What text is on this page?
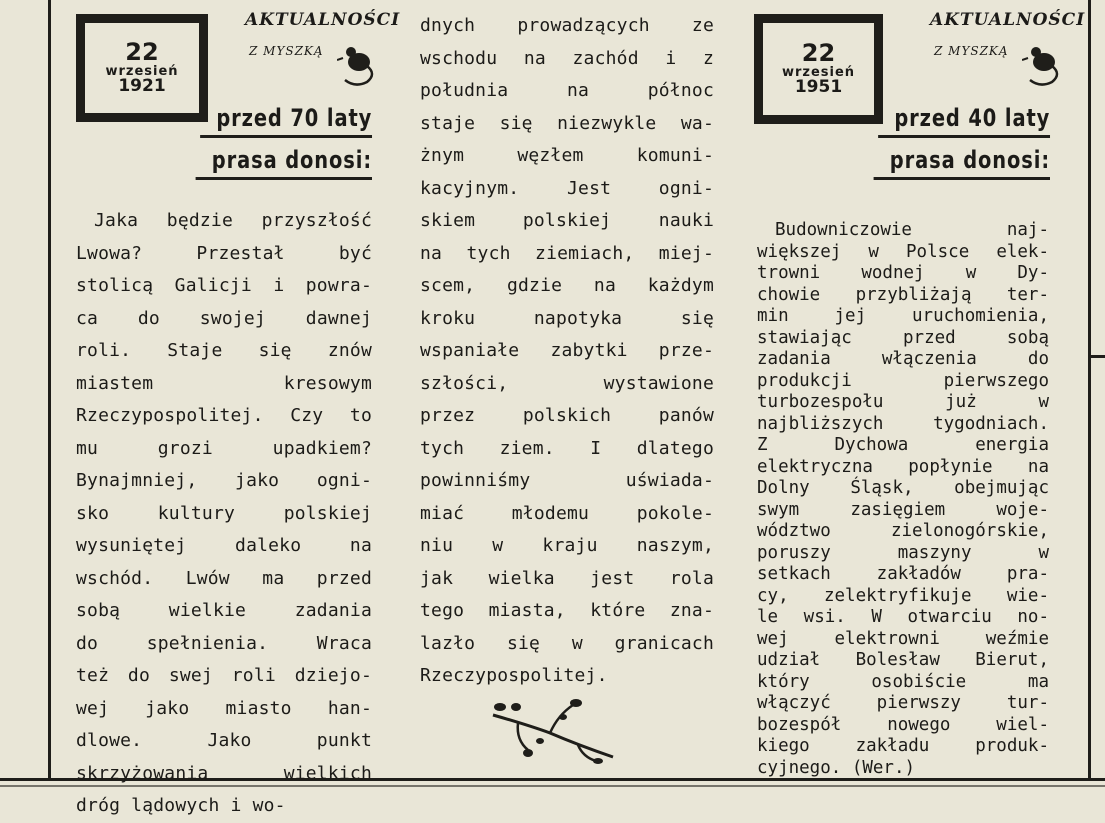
22
wrzesień
1921
AKTUALNOŚCI
Z MYSZKĄ
przed 70 laty
prasa donosi:
22
wrzesień
1951
AKTUALNOŚCI
Z MYSZKĄ
przed 40 laty
prasa donosi:
Jaka będzie przyszłość
Lwowa? Przestał być
stolicą Galicji i powra-
ca do swojej dawnej
roli. Staje się znów
miastem kresowym
Rzeczypospolitej. Czy to
mu grozi upadkiem?
Bynajmniej, jako ogni-
sko kultury polskiej
wysuniętej daleko na
wschód. Lwów ma przed
sobą wielkie zadania
do spełnienia. Wraca
też do swej roli dziejo-
wej jako miasto han-
dlowe. Jako punkt
skrzyżowania wielkich
dróg lądowych i wo-
dnych prowadzących ze
wschodu na zachód i z
południa na północ
staje się niezwykle wa-
żnym węzłem komuni-
kacyjnym. Jest ogni-
skiem polskiej nauki
na tych ziemiach, miej-
scem, gdzie na każdym
kroku napotyka się
wspaniałe zabytki prze-
szłości, wystawione
przez polskich panów
tych ziem. I dlatego
powinniśmy uświada-
miać młodemu pokole-
niu w kraju naszym,
jak wielka jest rola
tego miasta, które zna-
lazło się w granicach
Rzeczypospolitej.
Budowniczowie naj-
większej w Polsce elek-
trowni wodnej w Dy-
chowie przybliżają ter-
min jej uruchomienia,
stawiając przed sobą
zadania włączenia do
produkcji pierwszego
turbozespołu już w
najbliższych tygodniach.
Z Dychowa energia
elektryczna popłynie na
Dolny Śląsk, obejmując
swym zasięgiem woje-
wództwo zielonogórskie,
poruszy maszyny w
setkach zakładów pra-
cy, zelektryfikuje wie-
le wsi. W otwarciu no-
wej elektrowni weźmie
udział Bolesław Bierut,
który osobiście ma
włączyć pierwszy tur-
bozespół nowego wiel-
kiego zakładu produk-
cyjnego. (Wer.)
